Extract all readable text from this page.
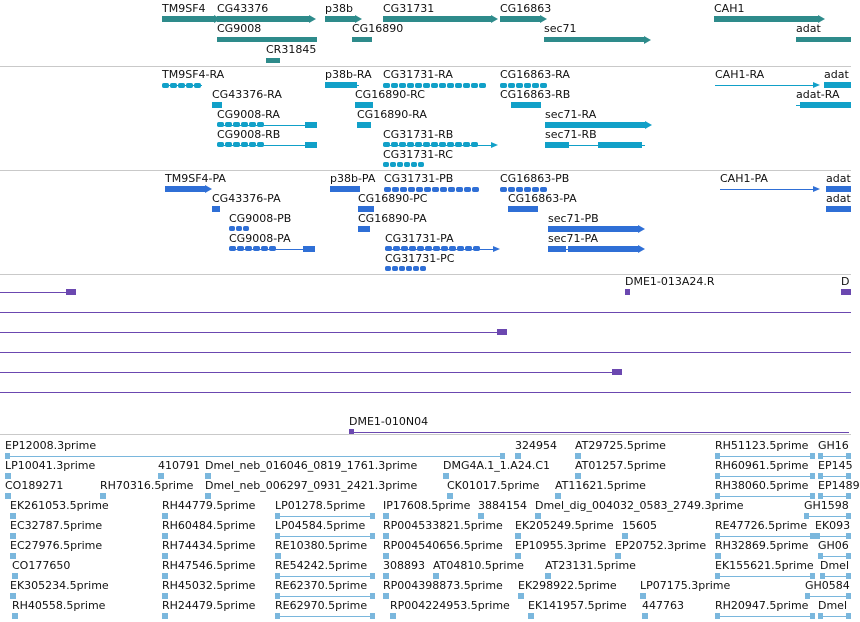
TM9SF4 CG43376	p38b	CG31731	CG16863	CAH1
CG9008	CG16890	sec71	adat
CR31845
TM9SF4-RA	p38b-RA CG31731-RA	CG16863-RA	CAH1-RA	adat
CG43376-RA	CG16890-RC	CG16863-RB	adat-RA
CG9008-RA	CG16890-RA	sec71-RA
CG9008-RB	CG31731-RB	sec71-RB
CG31731-RC
TM9SF4-PA	p38b-PA CG31731-PB	CG16863-PB	CAH1-PA	adat
CG43376-PA	CG16890-PC	CG16863-PA	adat
CG9008-PB	CG16890-PA	sec71-PB
CG9008-PA	CG31731-PA	sec71-PA
CG31731-PC
DME1-013A24.R	D
DME1-010N04
EP12008.3prime	324954 AT29725.5prime	RH51123.5prime GH16
LP10041.3prime	410791 Dmel_neb_016046_0819_1761.3prime DMG4A.1_1.A24.C1 AT01257.5prime	RH60961.5prime EP145
CO189271	RH70316.5prime Dmel_neb_006297_0931_2421.3prime	CK01017.5prime AT11621.5prime	RH38060.5prime EP1489
EK261053.5prime	RH44779.5prime LP01278.5prime IP17608.5prime 3884154 Dmel_dig_004032_0583_2749.3prime	GH1598
EC32787.5prime	RH60484.5prime LP04584.5prime RP004533821.5prime EK205249.5prime 15605	RE47726.5prime EK093
EC27976.5prime	RH74434.5prime RE10380.5prime RP004540656.5prime EP10955.3prime EP20752.3prime RH32869.5prime GH06
CO177650	RH47546.5prime RE54242.5prime 308893 AT04810.5prime AT23131.5prime	EK155621.5prime Dmel
EK305234.5prime	RH45032.5prime RE62370.5prime RP004398873.5prime EK298922.5prime LP07175.3prime	GH0584
RH40558.5prime	RH24479.5prime RE62970.5prime RP004224953.5prime EK141957.5prime 447763	RH20947.5prime Dmel
